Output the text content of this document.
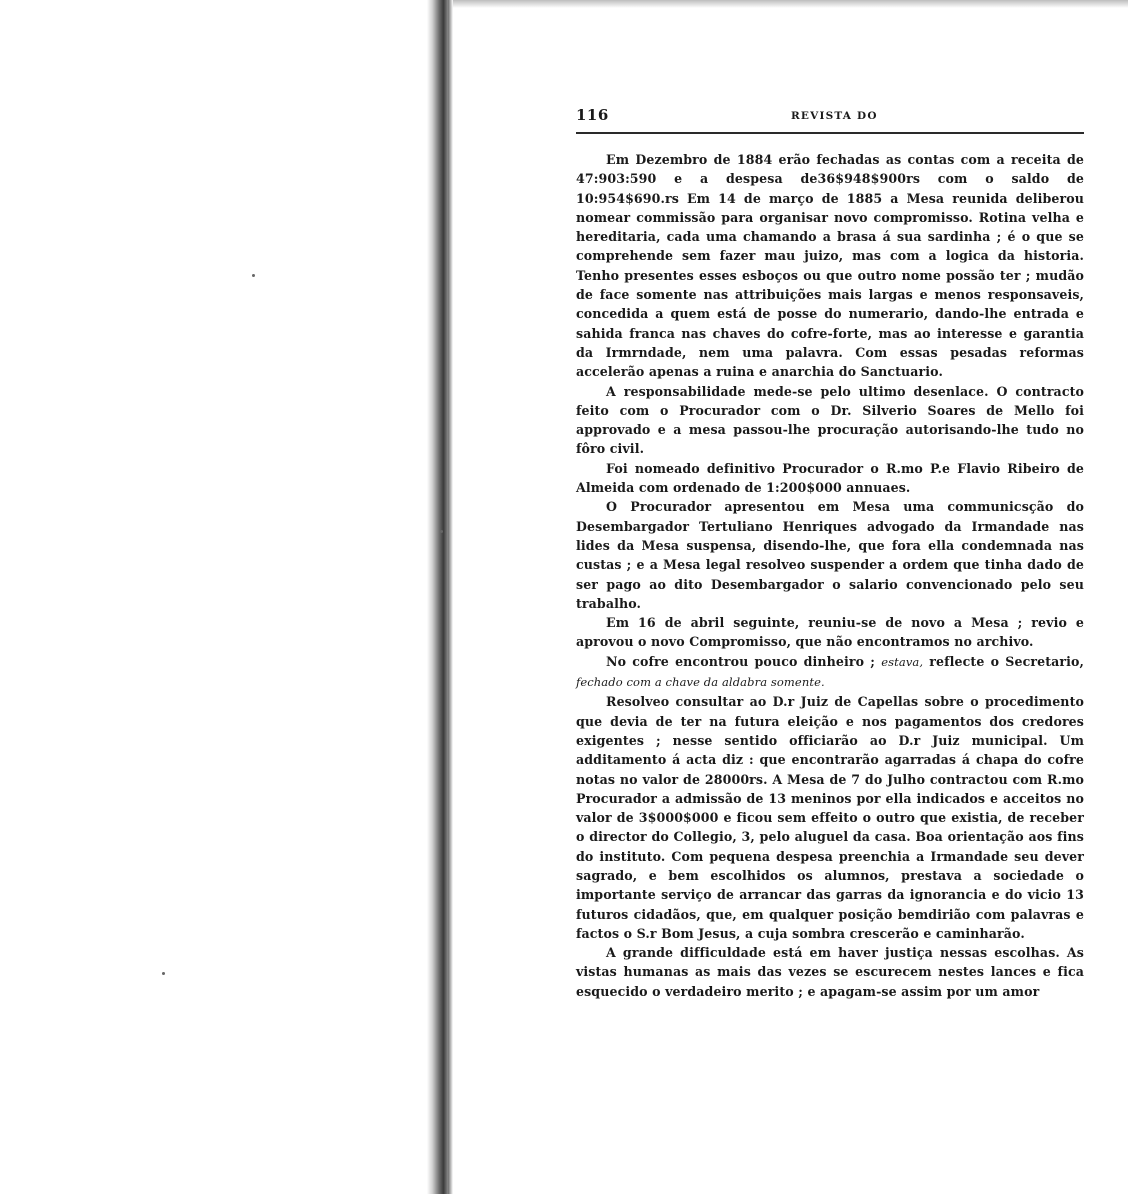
116	REVISTA DO

Em Dezembro de 1884 erão fechadas as contas com a receita de 47:903:590 e a despesa de36$948$900rs com o saldo de 10:954$690.rs Em 14 de março de 1885 a Mesa reunida deliberou nomear commissão para organisar novo compromisso. Rotina velha e hereditaria, cada uma chamando a brasa á sua sardinha ; é o que se comprehende sem fazer mau juizo, mas com a logica da historia. Tenho presentes esses esboços ou que outro nome possão ter ; mudão de face somente nas attribuições mais largas e menos responsaveis, concedida a quem está de posse do numerario, dando-lhe entrada e sahida franca nas chaves do cofre-forte, mas ao interesse e garantia da Irmrndade, nem uma palavra. Com essas pesadas reformas accelerão apenas a ruina e anarchia do Sanctuario.

A responsabilidade mede-se pelo ultimo desenlace. O contracto feito com o Procurador com o Dr. Silverio Soares de Mello foi approvado e a mesa passou-lhe procuração autorisando-lhe tudo no fôro civil.

Foi nomeado definitivo Procurador o R.mo P.e Flavio Ribeiro de Almeida com ordenado de 1:200$000 annuaes.

O Procurador apresentou em Mesa uma communicsção do Desembargador Tertuliano Henriques advogado da Irmandade nas lides da Mesa suspensa, disendo-lhe, que fora ella condemnada nas custas ; e a Mesa legal resolveo suspender a ordem que tinha dado de ser pago ao dito Desembargador o salario convencionado pelo seu trabalho.

Em 16 de abril seguinte, reuniu-se de novo a Mesa ; revio e aprovou o novo Compromisso, que não encontramos no archivo.

No cofre encontrou pouco dinheiro ; estava, reflecte o Secretario, fechado com a chave da aldabra somente.

Resolveo consultar ao D.r Juiz de Capellas sobre o procedimento que devia de ter na futura eleição e nos pagamentos dos credores exigentes ; nesse sentido officiarão ao D.r Juiz municipal. Um additamento á acta diz : que encontrarão agarradas á chapa do cofre notas no valor de 28000rs. A Mesa de 7 do Julho contractou com R.mo Procurador a admissão de 13 meninos por ella indicados e acceitos no valor de 3$000$000 e ficou sem effeito o outro que existia, de receber o director do Collegio, 3, pelo aluguel da casa. Boa orientação aos fins do instituto. Com pequena despesa preenchia a Irmandade seu dever sagrado, e bem escolhidos os alumnos, prestava a sociedade o importante serviço de arrancar das garras da ignorancia e do vicio 13 futuros cidadãos, que, em qualquer posição bemdirião com palavras e factos o S.r Bom Jesus, a cuja sombra crescerão e caminharão.

A grande difficuldade está em haver justiça nessas escolhas. As vistas humanas as mais das vezes se escurecem nestes lances e fica esquecido o verdadeiro merito ; e apagam-se assim por um amor
